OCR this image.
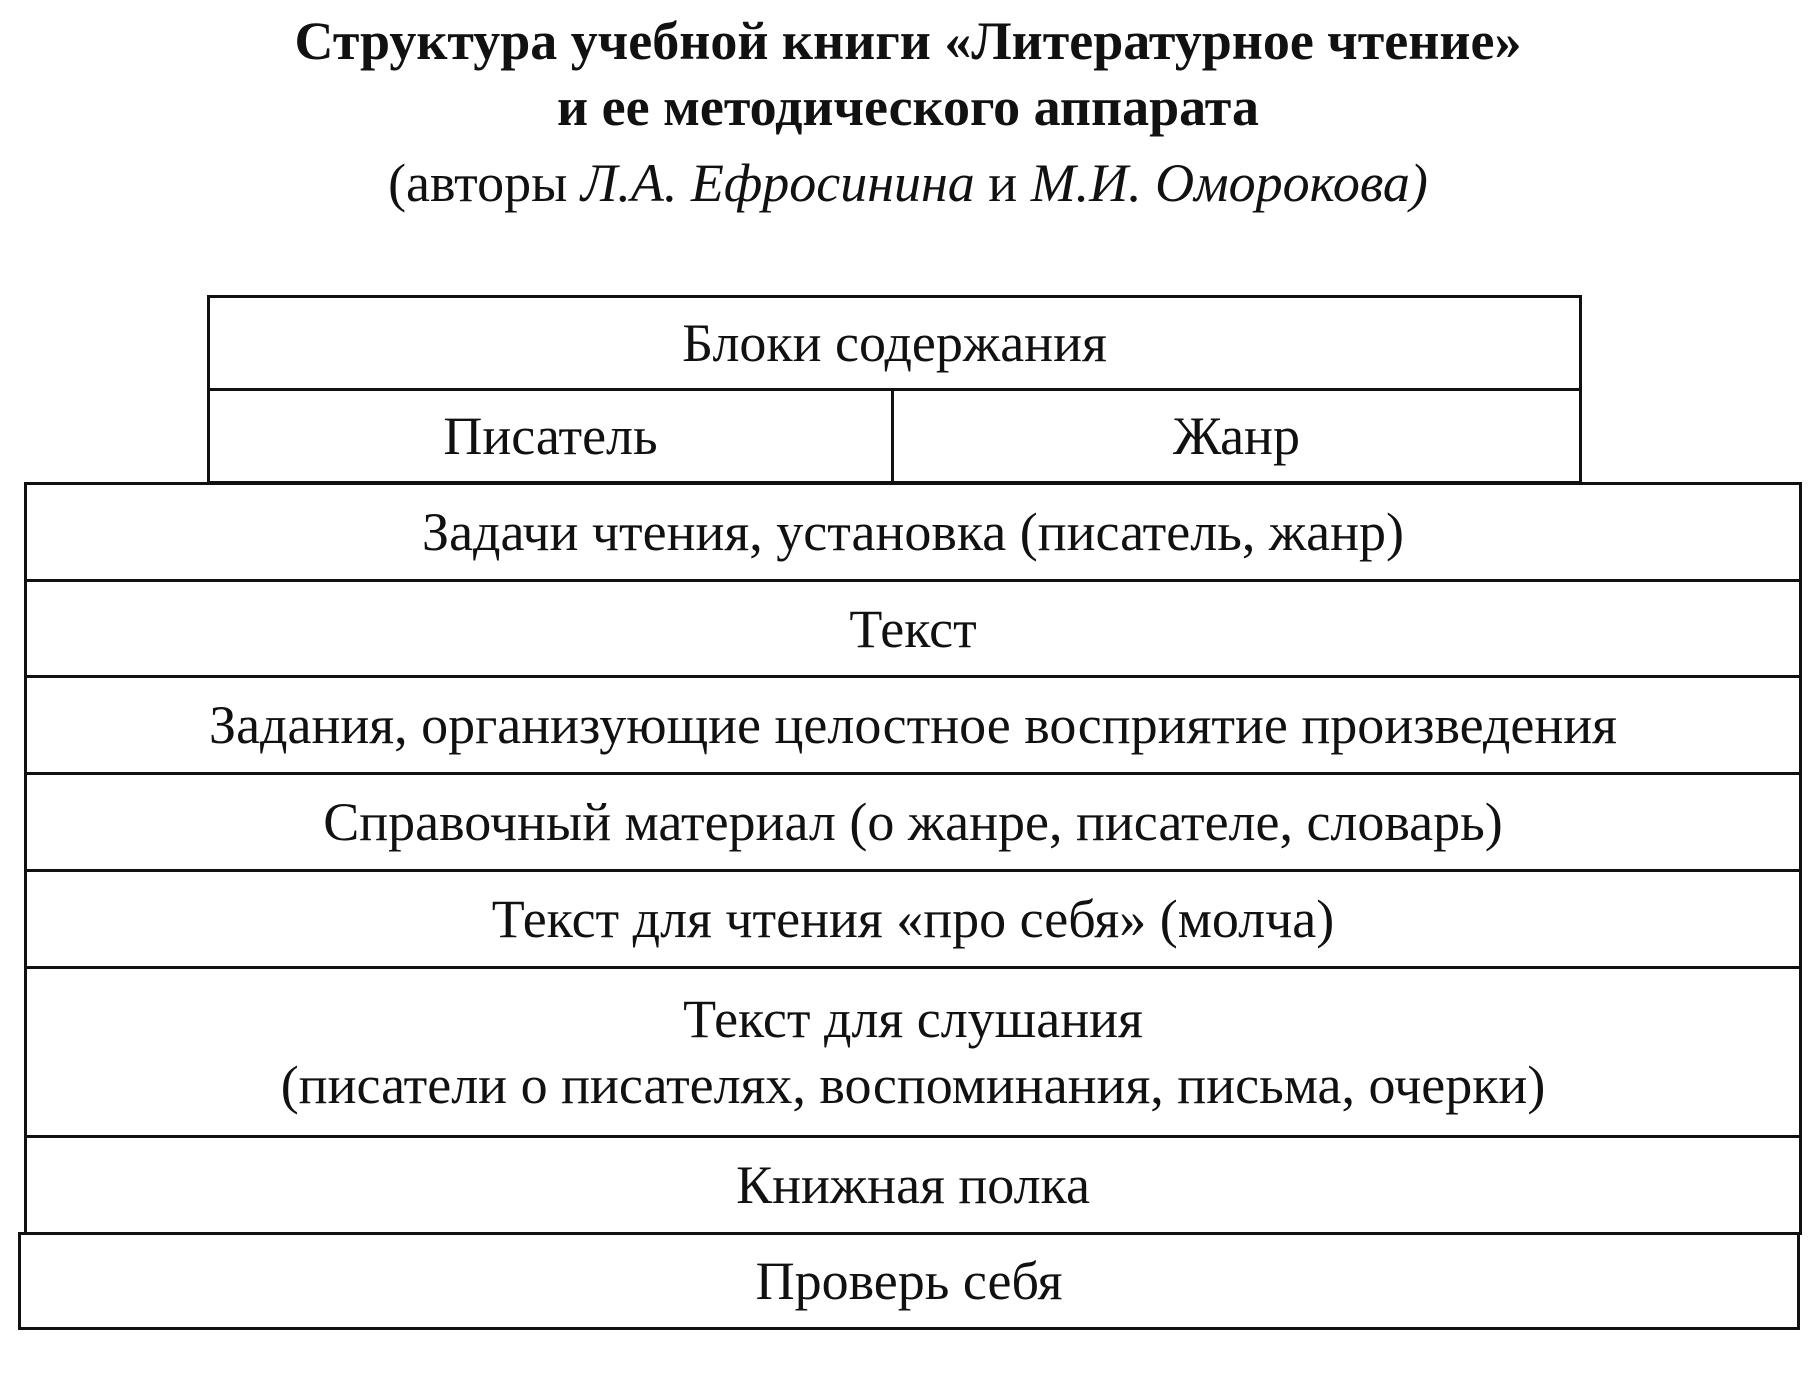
Структура учебной книги «Литературное чтение»
и ее методического аппарата
(авторы Л.А. Ефросинина и М.И. Оморокова)
Блоки содержания
Писатель	Жанр
Задачи чтения, установка (писатель, жанр)
Текст
Задания, организующие целостное восприятие произведения
Справочный материал (о жанре, писателе, словарь)
Текст для чтения «про себя» (молча)
Текст для слушания
(писатели о писателях, воспоминания, письма, очерки)
Книжная полка
Проверь себя
